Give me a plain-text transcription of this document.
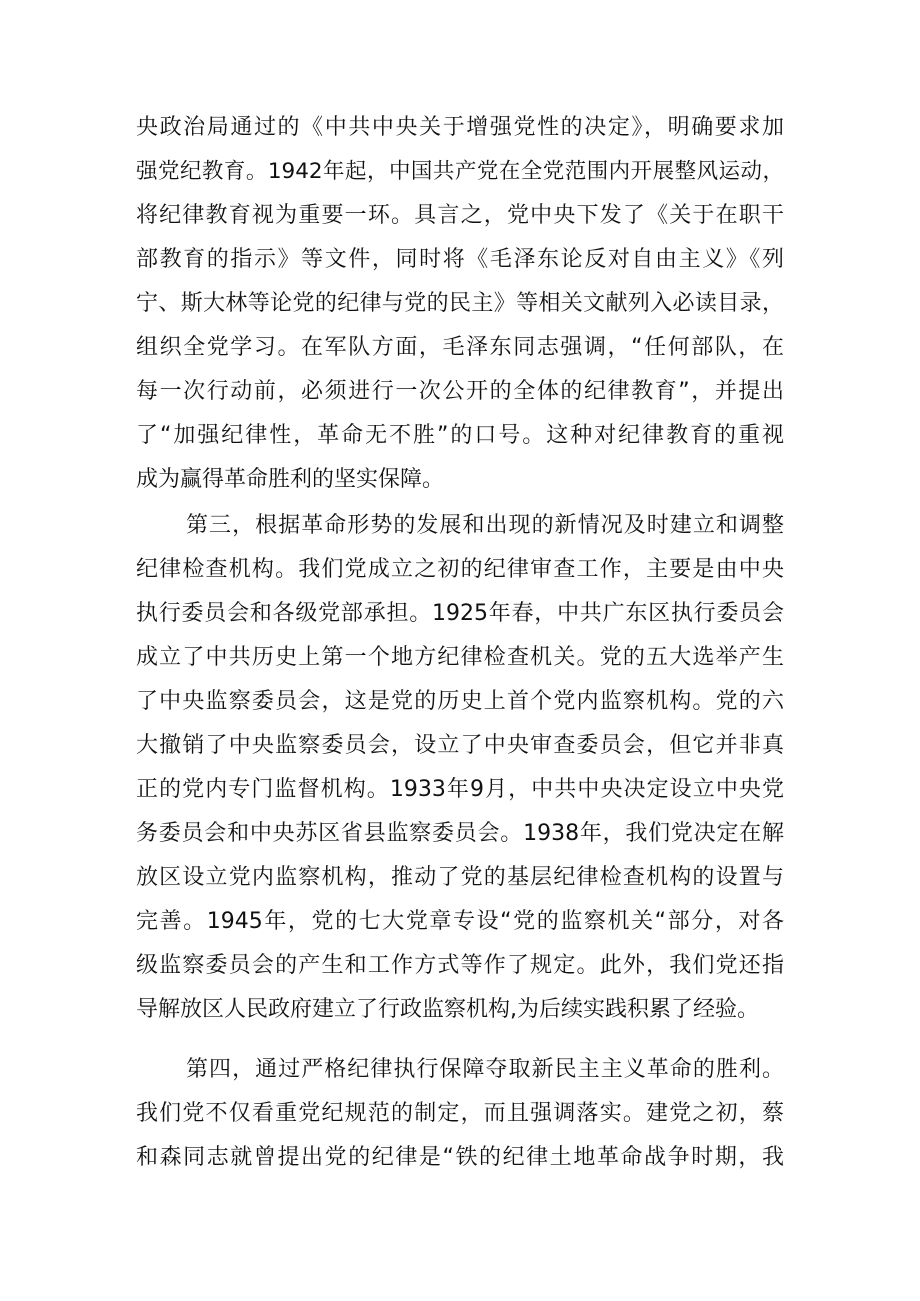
央政治局通过的《中共中央关于增强党性的决定》，明确要求加
强党纪教育。1942年起，中国共产党在全党范围内开展整风运动，
将纪律教育视为重要一环。具言之，党中央下发了《关于在职干
部教育的指示》等文件，同时将《毛泽东论反对自由主义》《列
宁、斯大林等论党的纪律与党的民主》等相关文献列入必读目录，
组织全党学习。在军队方面，毛泽东同志强调，“任何部队，在
每一次行动前，必须进行一次公开的全体的纪律教育”，并提出
了“加强纪律性，革命无不胜”的口号。这种对纪律教育的重视
成为赢得革命胜利的坚实保障。
第三，根据革命形势的发展和出现的新情况及时建立和调整
纪律检查机构。我们党成立之初的纪律审查工作，主要是由中央
执行委员会和各级党部承担。1925年春，中共广东区执行委员会
成立了中共历史上第一个地方纪律检查机关。党的五大选举产生
了中央监察委员会，这是党的历史上首个党内监察机构。党的六
大撤销了中央监察委员会，设立了中央审查委员会，但它并非真
正的党内专门监督机构。1933年9月，中共中央决定设立中央党
务委员会和中央苏区省县监察委员会。1938年，我们党决定在解
放区设立党内监察机构，推动了党的基层纪律检查机构的设置与
完善。1945年，党的七大党章专设“党的监察机关“部分，对各
级监察委员会的产生和工作方式等作了规定。此外，我们党还指
导解放区人民政府建立了行政监察机构,为后续实践积累了经验。
第四，通过严格纪律执行保障夺取新民主主义革命的胜利。
我们党不仅看重党纪规范的制定，而且强调落实。建党之初，蔡
和森同志就曾提出党的纪律是“铁的纪律土地革命战争时期，我
